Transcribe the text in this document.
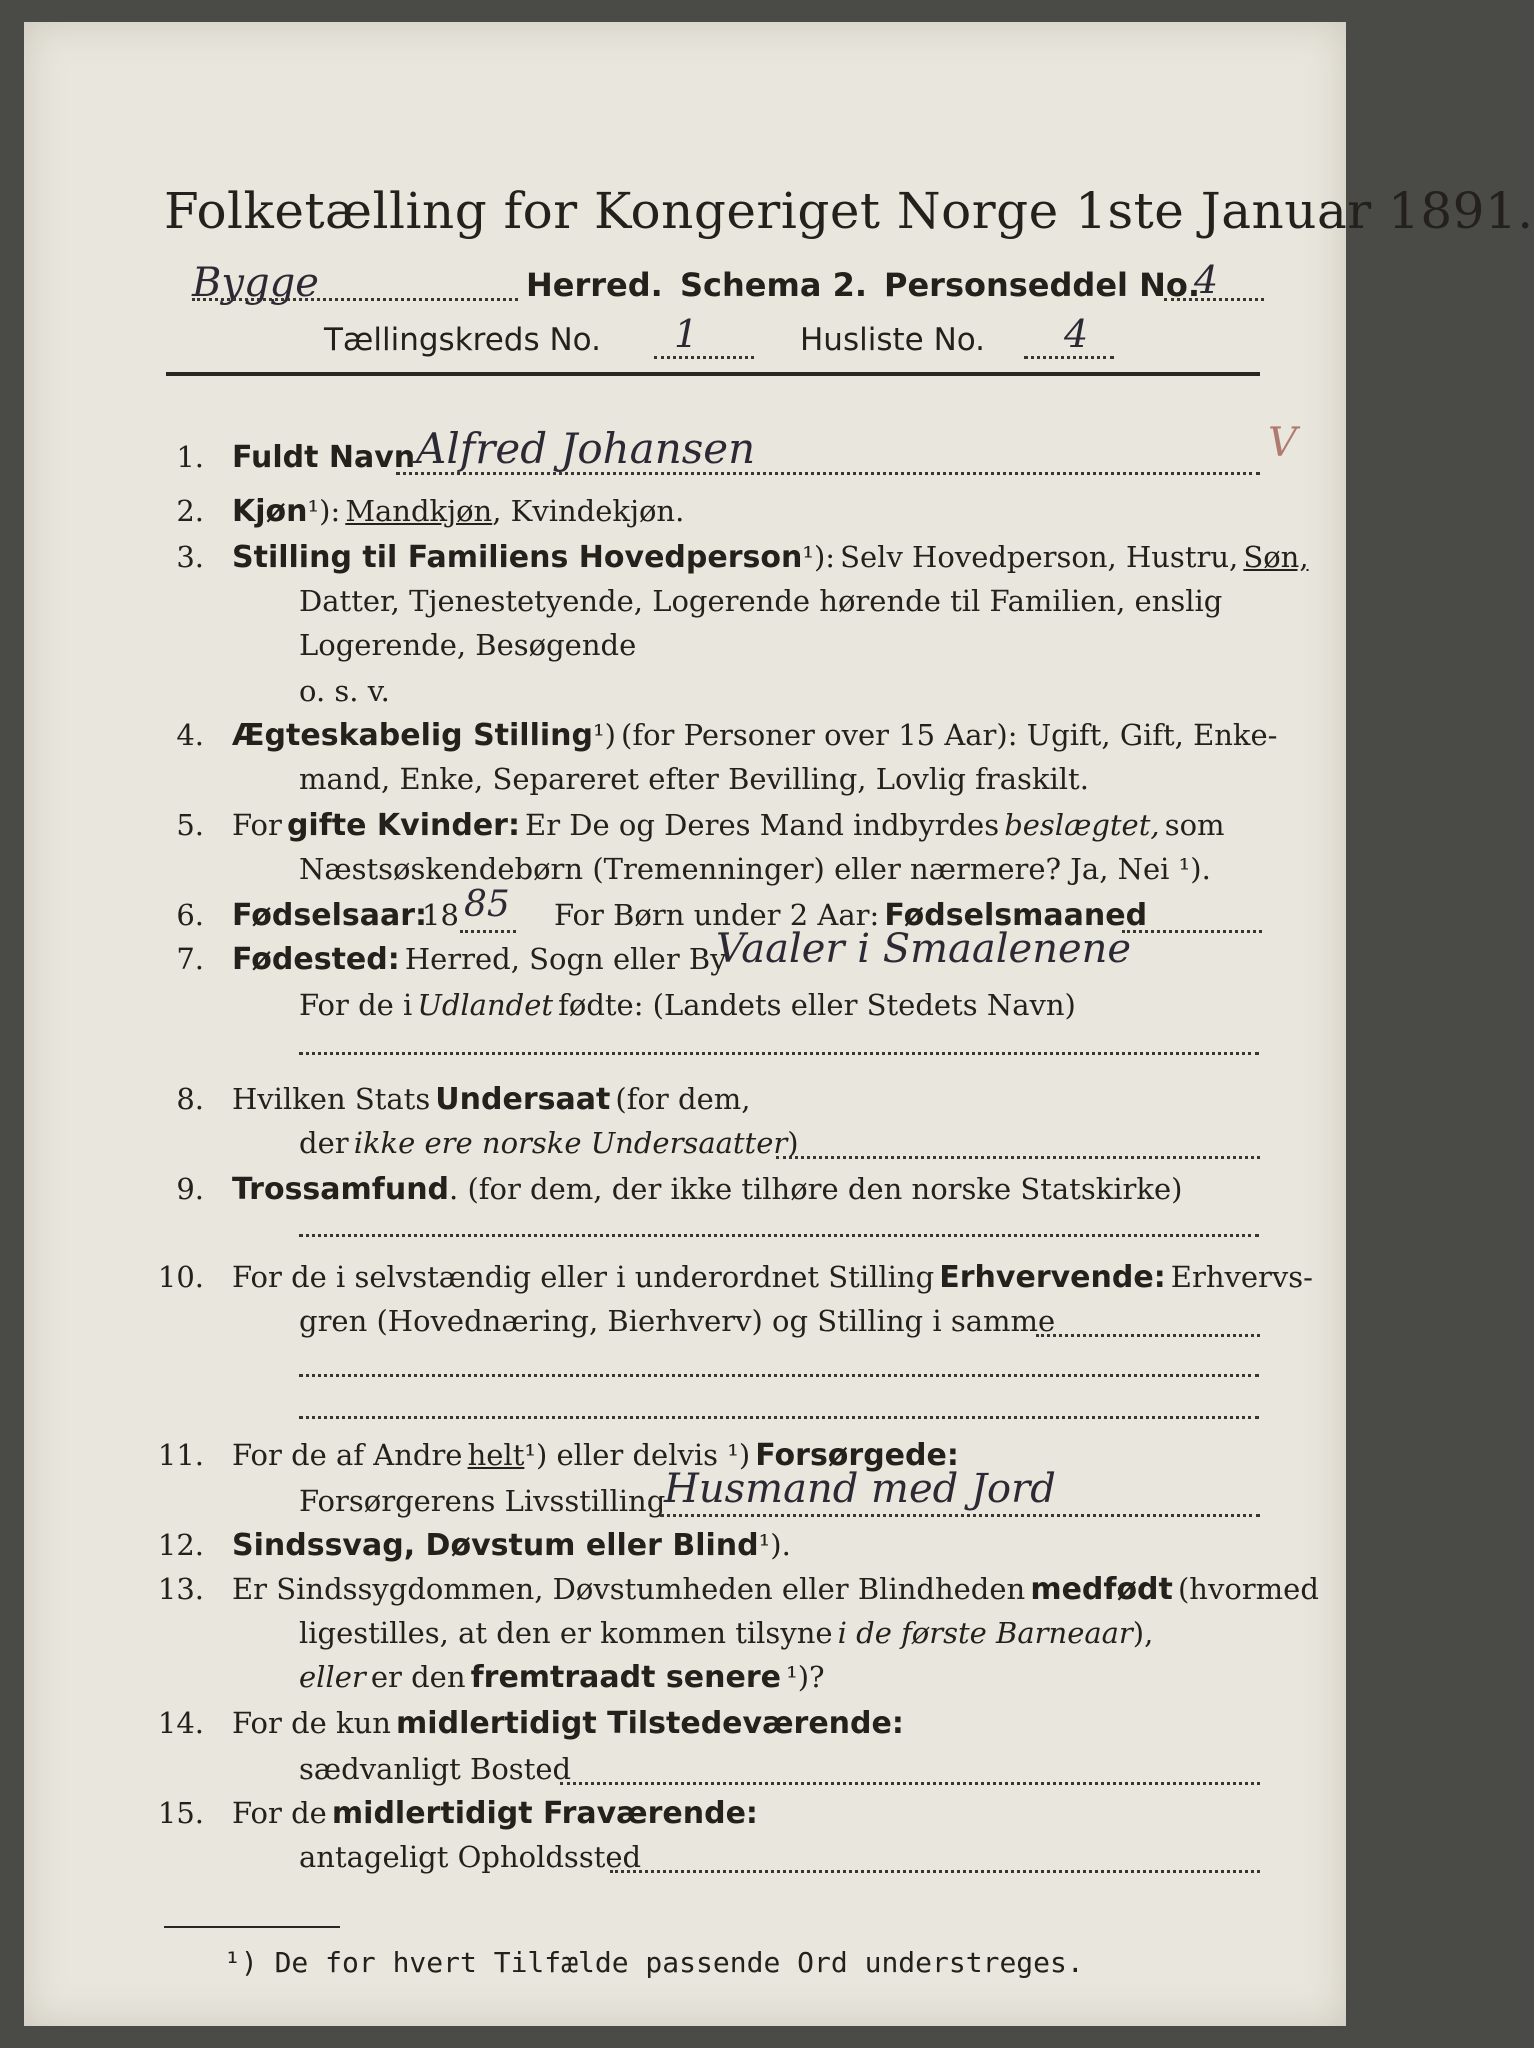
Folketælling for Kongeriget Norge 1ste Januar 1891.
Bygge	Herred. Schema 2. Personseddel No.
4
Tællingskreds No. 1	Husliste No. 4
1. Fuldt Navn Alfred Johansen	V
2. Kjøn¹): Mandkjøn, Kvindekjøn.
3. Stilling til Familiens Hovedperson¹): Selv Hovedperson, Hustru, Søn,
Datter, Tjenestetyende, Logerende hørende til Familien, enslig
Logerende, Besøgende
o. s. v.
4. Ægteskabelig Stilling¹) (for Personer over 15 Aar): Ugift, Gift, Enke-
mand, Enke, Separeret efter Bevilling, Lovlig fraskilt.
5. For gifte Kvinder: Er De og Deres Mand indbyrdes beslægtet, som
Næstsøskendebørn (Tremenninger) eller nærmere? Ja, Nei ¹).
6. Fødselsaar:
18 85 For Børn under 2 Aar: Fødselsmaaned
7. Fødested: Herred, Sogn eller By
Vaaler i Smaalenene
For de i Udlandet fødte: (Landets eller Stedets Navn)
8. Hvilken Stats Undersaat (for dem,
der ikke ere norske Undersaatter)
9. Trossamfund. (for dem, der ikke tilhøre den norske Statskirke)
10. For de i selvstændig eller i underordnet Stilling Erhvervende: Erhvervs-
gren (Hovednæring, Bierhverv) og Stilling i samme
11. For de af Andre helt¹) eller delvis ¹) Forsørgede:
Forsørgerens Livsstilling
Husmand med Jord
12. Sindssvag, Døvstum eller Blind¹).
13. Er Sindssygdommen, Døvstumheden eller Blindheden medfødt (hvormed
ligestilles, at den er kommen tilsyne i de første Barneaar),
eller er den fremtraadt senere ¹)?
14. For de kun midlertidigt Tilstedeværende:
sædvanligt Bosted
15. For de midlertidigt Fraværende:
antageligt Opholdssted
¹) De for hvert Tilfælde passende Ord understreges.
